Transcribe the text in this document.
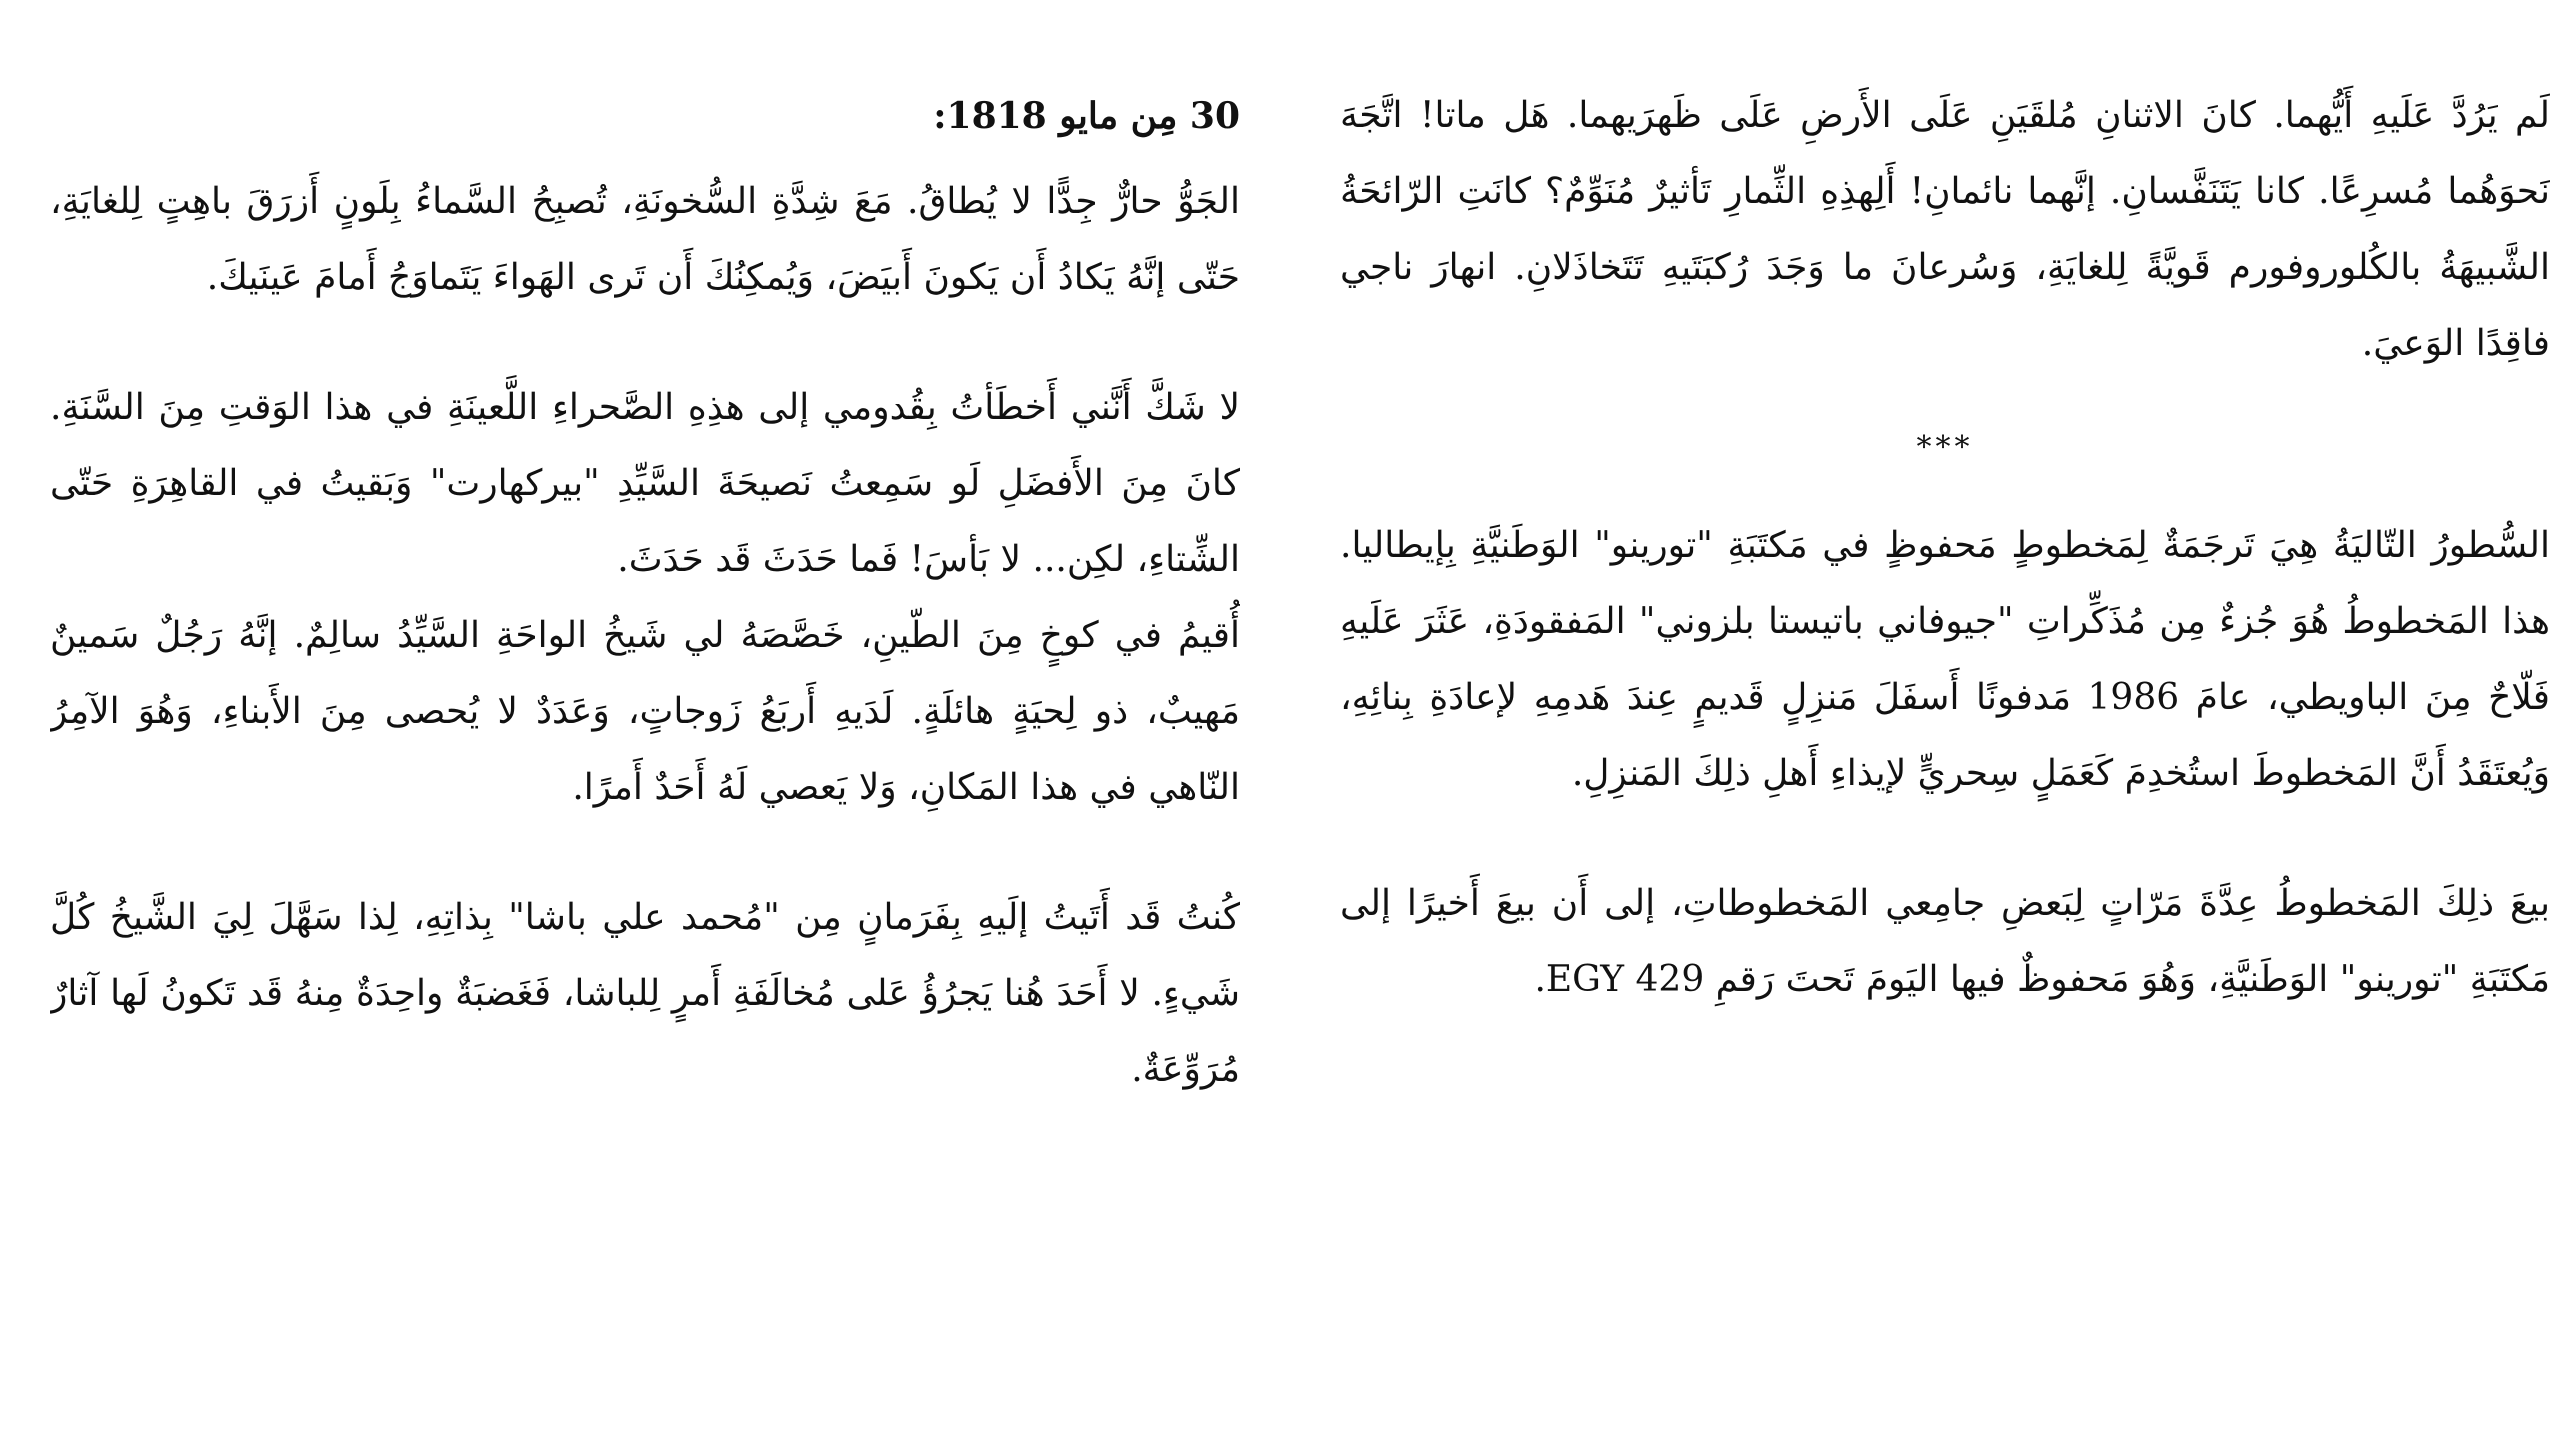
لَم يَرُدَّ عَلَيهِ أَيُّهما. كانَ الاثنانِ مُلقَيَنِ عَلَى الأَرضِ عَلَى ظَهرَيهما. هَل ماتا! اتَّجَهَ نَحوَهُما مُسرِعًا. كانا يَتَنَفَّسانِ. إنَّهما نائمانِ! أَلِهذِهِ الثِّمارِ تَأثيرٌ مُنَوِّمٌ؟ كانَتِ الرّائحَةُ الشَّبيهَةُ بالكُلوروفورم قَويَّةً لِلغايَةِ، وَسُرعانَ ما وَجَدَ رُكبَتَيهِ تَتَخاذَلانِ. انهارَ ناجي فاقِدًا الوَعيَ.

***

السُّطورُ التّاليَةُ هِيَ تَرجَمَةٌ لِمَخطوطٍ مَحفوظٍ في مَكتَبَةِ "تورينو" الوَطَنيَّةِ بِإيطاليا. هذا المَخطوطُ هُوَ جُزءٌ مِن مُذَكِّراتِ "جيوفاني باتيستا بلزوني" المَفقودَةِ، عَثَرَ عَلَيهِ فَلّاحٌ مِنَ الباويطي، عامَ 1986 مَدفونًا أَسفَلَ مَنزِلٍ قَديمٍ عِندَ هَدمِهِ لإعادَةِ بِنائِهِ، وَيُعتَقَدُ أَنَّ المَخطوطَ استُخدِمَ كَعَمَلٍ سِحريٍّ لإيذاءِ أَهلِ ذلِكَ المَنزِلِ.

بيعَ ذلِكَ المَخطوطُ عِدَّةَ مَرّاتٍ لِبَعضِ جامِعي المَخطوطاتِ، إلى أَن بيعَ أَخيرًا إلى مَكتَبَةِ "تورينو" الوَطَنيَّةِ، وَهُوَ مَحفوظٌ فيها اليَومَ تَحتَ رَقمِ EGY 429.

30 مِن مايو 1818:

الجَوُّ حارٌّ جِدًّا لا يُطاقُ. مَعَ شِدَّةِ السُّخونَةِ، تُصبِحُ السَّماءُ بِلَونٍ أَزرَقَ باهِتٍ لِلغايَةِ، حَتّى إنَّهُ يَكادُ أَن يَكونَ أَبيَضَ، وَيُمكِنُكَ أَن تَرى الهَواءَ يَتَماوَجُ أَمامَ عَينَيكَ.

لا شَكَّ أَنَّني أَخطَأتُ بِقُدومي إلى هذِهِ الصَّحراءِ اللَّعينَةِ في هذا الوَقتِ مِنَ السَّنَةِ. كانَ مِنَ الأَفضَلِ لَو سَمِعتُ نَصيحَةَ السَّيِّدِ "بيركهارت" وَبَقيتُ في القاهِرَةِ حَتّى الشِّتاءِ، لكِن... لا بَأسَ! فَما حَدَثَ قَد حَدَثَ.

أُقيمُ في كوخٍ مِنَ الطّينِ، خَصَّصَهُ لي شَيخُ الواحَةِ السَّيِّدُ سالِمٌ. إنَّهُ رَجُلٌ سَمينٌ مَهيبٌ، ذو لِحيَةٍ هائلَةٍ. لَدَيهِ أَربَعُ زَوجاتٍ، وَعَدَدٌ لا يُحصى مِنَ الأَبناءِ، وَهُوَ الآمِرُ النّاهي في هذا المَكانِ، وَلا يَعصي لَهُ أَحَدٌ أَمرًا.

كُنتُ قَد أَتَيتُ إلَيهِ بِفَرَمانٍ مِن "مُحمد علي باشا" بِذاتِهِ، لِذا سَهَّلَ لِيَ الشَّيخُ كُلَّ شَيءٍ. لا أَحَدَ هُنا يَجرُؤُ عَلى مُخالَفَةِ أَمرٍ لِلباشا، فَغَضبَةٌ واحِدَةٌ مِنهُ قَد تَكونُ لَها آثارٌ مُرَوِّعَةٌ.
